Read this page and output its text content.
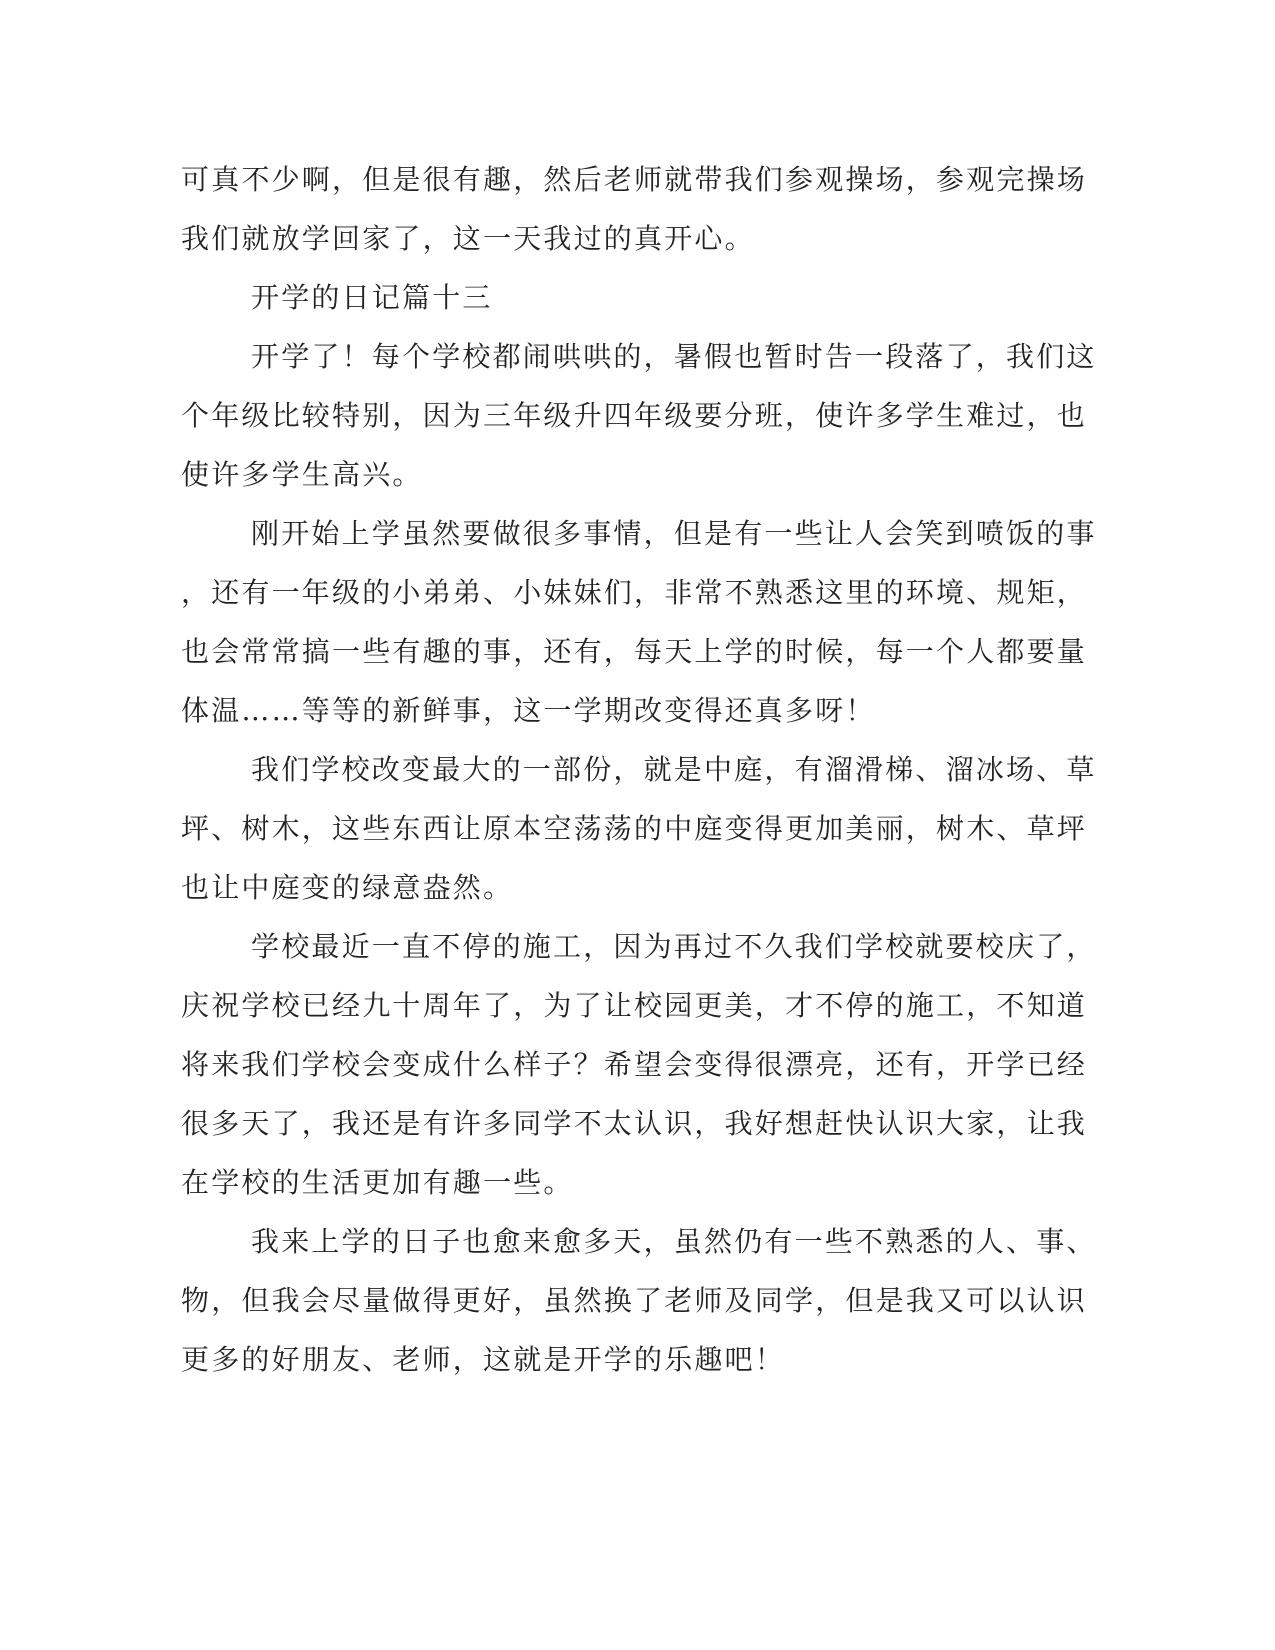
可真不少啊，但是很有趣，然后老师就带我们参观操场，参观完操场
我们就放学回家了，这一天我过的真开心。
开学的日记篇十三
开学了！每个学校都闹哄哄的，暑假也暂时告一段落了，我们这
个年级比较特别，因为三年级升四年级要分班，使许多学生难过，也
使许多学生高兴。
刚开始上学虽然要做很多事情，但是有一些让人会笑到喷饭的事
，还有一年级的小弟弟、小妹妹们，非常不熟悉这里的环境、规矩，
也会常常搞一些有趣的事，还有，每天上学的时候，每一个人都要量
体温……等等的新鲜事，这一学期改变得还真多呀！
我们学校改变最大的一部份，就是中庭，有溜滑梯、溜冰场、草
坪、树木，这些东西让原本空荡荡的中庭变得更加美丽，树木、草坪
也让中庭变的绿意盎然。
学校最近一直不停的施工，因为再过不久我们学校就要校庆了，
庆祝学校已经九十周年了，为了让校园更美，才不停的施工，不知道
将来我们学校会变成什么样子？希望会变得很漂亮，还有，开学已经
很多天了，我还是有许多同学不太认识，我好想赶快认识大家，让我
在学校的生活更加有趣一些。
我来上学的日子也愈来愈多天，虽然仍有一些不熟悉的人、事、
物，但我会尽量做得更好，虽然换了老师及同学，但是我又可以认识
更多的好朋友、老师，这就是开学的乐趣吧！
